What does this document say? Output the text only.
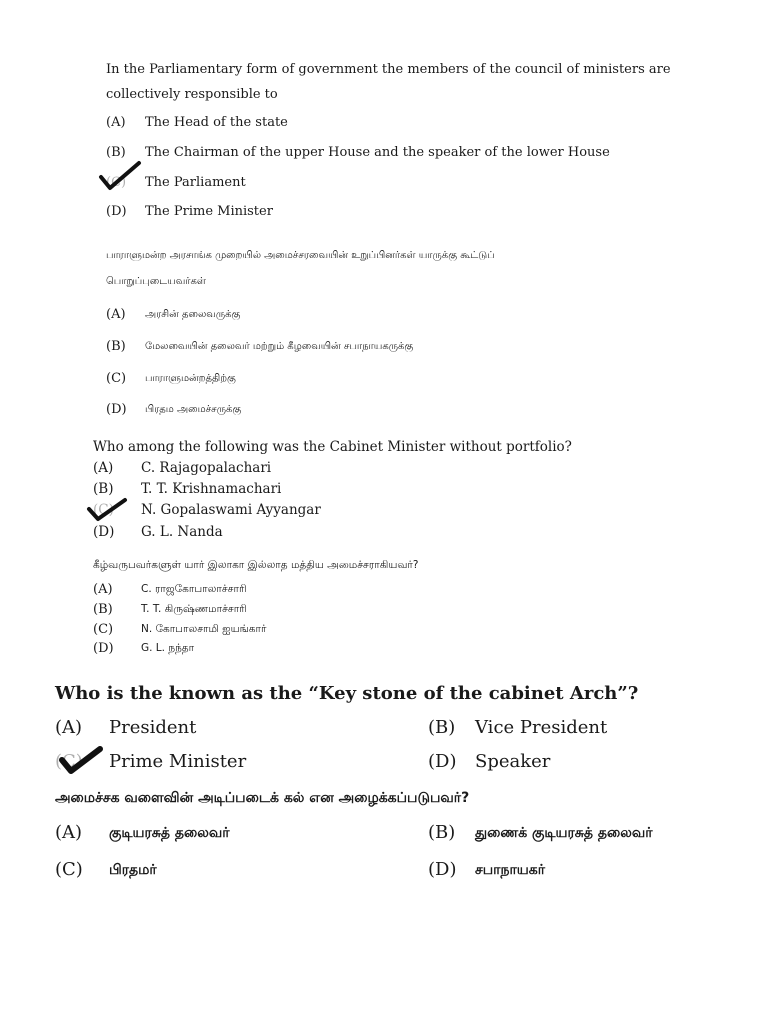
In the Parliamentary form of government the members of the council of ministers are
collectively responsible to
(A) The Head of the state
(B) The Chairman of the upper House and the speaker of the lower House
(C) The Parliament
(D) The Prime Minister
பாராளுமன்ற அரசாங்க முறையில் அமைச்சரவையின் உறுப்பினர்கள் யாருக்கு கூட்டுப்
பொறுப்புடையவர்கள்
(A) அரசின் தலைவருக்கு
(B) மேலவையின் தலைவர் மற்றும் கீழவையின் சபாநாயகருக்கு
(C) பாராளுமன்றத்திற்கு
(D) பிரதம அமைச்சருக்கு
Who among the following was the Cabinet Minister without portfolio?
(A) C. Rajagopalachari
(B) T. T. Krishnamachari
(C) N. Gopalaswami Ayyangar
(D) G. L. Nanda
கீழ்வருபவர்களுள் யார் இலாகா இல்லாத மத்திய அமைச்சராகியவர்?
(A)	C. ராஜகோபாலாச்சாரி
(B)	T. T. கிருஷ்ணமாச்சாரி
(C)	N. கோபாலசாமி ஐயங்கார்
(D)	G. L. நந்தா
Who is the known as the “Key stone of the cabinet Arch”?
(A) President	(B) Vice President
(C) Prime Minister	(D) Speaker
அமைச்சக வளைவின் அடிப்படைக் கல் என அழைக்கப்படுபவர்?
(A) குடியரசுத் தலைவர்	(B) துணைக் குடியரசுத் தலைவர்
(C) பிரதமர்	(D) சபாநாயகர்
